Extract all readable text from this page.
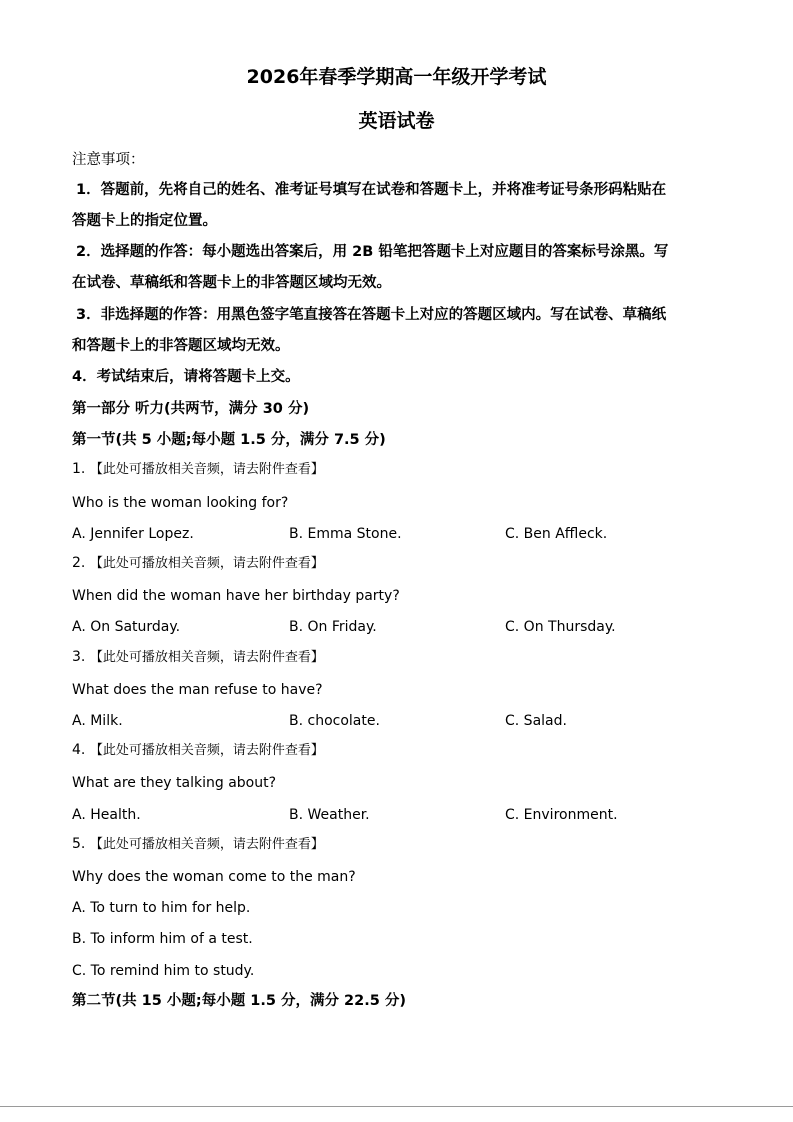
2026年春季学期高一年级开学考试
英语试卷
注意事项：
1．答题前，先将自己的姓名、准考证号填写在试卷和答题卡上，并将准考证号条形码粘贴在
答题卡上的指定位置。
2．选择题的作答：每小题选出答案后，用 2B 铅笔把答题卡上对应题目的答案标号涂黑。写
在试卷、草稿纸和答题卡上的非答题区域均无效。
3．非选择题的作答：用黑色签字笔直接答在答题卡上对应的答题区域内。写在试卷、草稿纸
和答题卡上的非答题区域均无效。
4．考试结束后，请将答题卡上交。
第一部分 听力(共两节，满分 30 分)
第一节(共 5 小题;每小题 1.5 分，满分 7.5 分)
1. 【此处可播放相关音频，请去附件查看】
Who is the woman looking for?
A. Jennifer Lopez.	B. Emma Stone.	C. Ben Affleck.
2. 【此处可播放相关音频，请去附件查看】
When did the woman have her birthday party?
A. On Saturday.	B. On Friday.	C. On Thursday.
3. 【此处可播放相关音频，请去附件查看】
What does the man refuse to have?
A. Milk.	B. chocolate.	C. Salad.
4. 【此处可播放相关音频，请去附件查看】
What are they talking about?
A. Health.	B. Weather.	C. Environment.
5. 【此处可播放相关音频，请去附件查看】
Why does the woman come to the man?
A. To turn to him for help.
B. To inform him of a test.
C. To remind him to study.
第二节(共 15 小题;每小题 1.5 分，满分 22.5 分)
